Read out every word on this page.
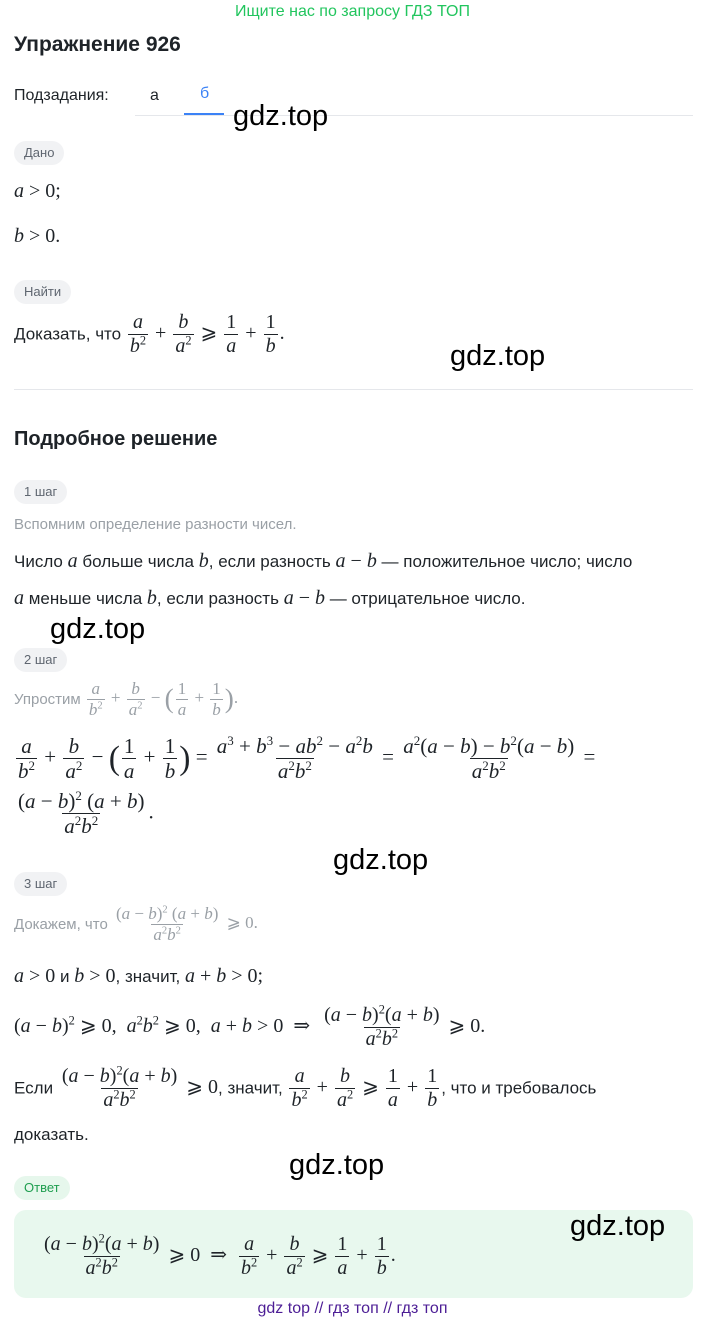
Ищите нас по запросу ГДЗ ТОП
Упражнение 926
Подзадания:	а	б
gdz.top
Дано
a > 0;
b > 0.
Найти
Доказать, что $\frac{a}{b^2} + \frac{b}{a^2}$ ⩾ $\frac{1}{a} + \frac{1}{b}$ .
gdz.top
Подробное решение
1 шаг
Вспомним определение разности чисел.
Число a больше числа b, если разность a − b — положительное число; число
a меньше числа b, если разность a − b — отрицательное число.
gdz.top
2 шаг
Упростим $\frac{a}{b^2} + \frac{b}{a^2}$ − ( $\frac{1}{a} + \frac{1}{b}$ ).
$\frac{a}{b^2} + \frac{b}{a^2}$ − ( $\frac{1}{a} + \frac{1}{b}$ ) = $\frac{a^3 + b^3 - ab^2 - a^2b}{a^2b^2} = \frac{a^2(a - b) - b^2(a - b)}{a^2b^2}$ =
$\frac{(a - b)^2 (a + b)}{a^2b^2}$ .
gdz.top
3 шаг
Докажем, что $\frac{(a - b)^2 (a + b)}{a^2b^2}$ ⩾ 0.
a > 0 и b > 0, значит, a + b > 0;
$(a - b)^2$ ⩾ 0,  $a^2b^2$ ⩾ 0,  a + b > 0  ⇒ $\frac{(a - b)^2(a + b)}{a^2b^2}$ ⩾ 0.
Если $\frac{(a - b)^2(a + b)}{a^2b^2}$ ⩾ 0, значит, $\frac{a}{b^2} + \frac{b}{a^2}$ ⩾ $\frac{1}{a} + \frac{1}{b}$ , что и требовалось
доказать.
gdz.top
Ответ
$\frac{(a - b)^2(a + b)}{a^2b^2}$ ⩾ 0  ⇒ $\frac{a}{b^2} + \frac{b}{a^2}$ ⩾ $\frac{1}{a} + \frac{1}{b}$ .
gdz.top
gdz top // гдз топ // гдз топ
